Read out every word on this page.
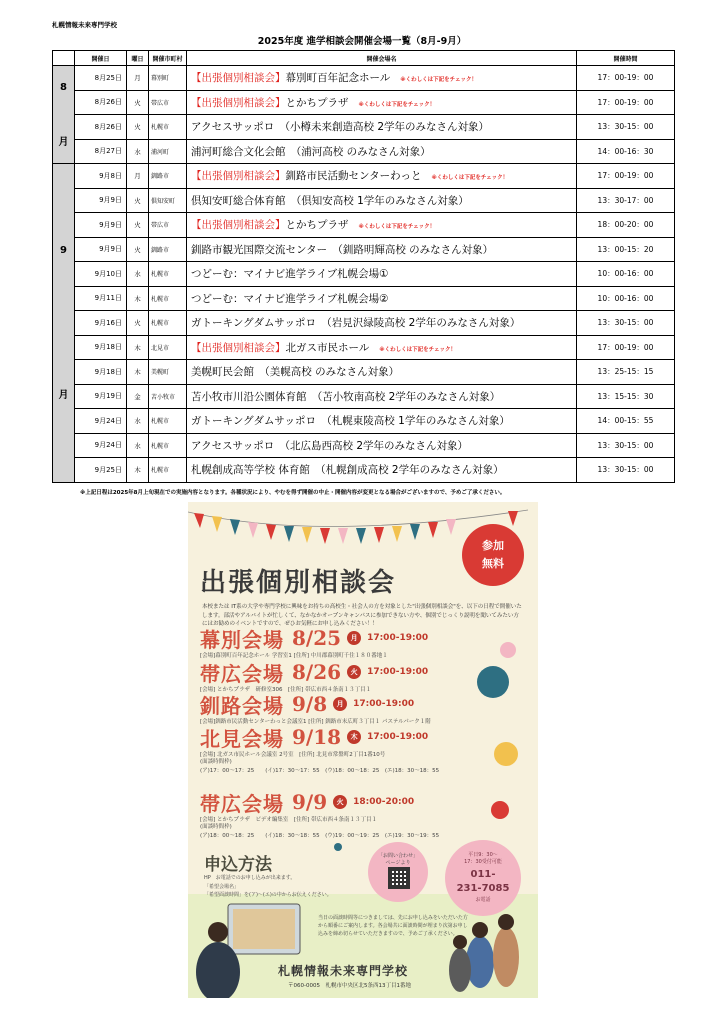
札幌情報未来専門学校
2025年度 進学相談会開催会場一覧（8月-9月）
	開催日	曜日	開催市町村	開催会場名	開催時間

8
月	8月25日	月	幕別町	【出張個別相談会】幕別町百年記念ホール ※くわしくは下記をチェック！	17：00-19：00
	8月26日	火	帯広市	【出張個別相談会】とかちプラザ ※くわしくは下記をチェック！	17：00-19：00
	8月26日	火	札幌市	アクセスサッポロ　（小樽未来創造高校 2学年のみなさん対象）	13：30-15：00
	8月27日	水	浦河町	浦河町総合文化会館　（浦河高校 のみなさん対象）	14：00-16：30

9
月	9月8日	月	釧路市	【出張個別相談会】釧路市民活動センターわっと ※くわしくは下記をチェック！	17：00-19：00
	9月9日	火	倶知安町	倶知安町総合体育館　（倶知安高校 1学年のみなさん対象）	13：30-17：00
	9月9日	火	帯広市	【出張個別相談会】とかちプラザ ※くわしくは下記をチェック！	18：00-20：00
	9月9日	火	釧路市	釧路市観光国際交流センター　（釧路明輝高校 のみなさん対象）	13：00-15：20
	9月10日	水	札幌市	つどーむ：マイナビ進学ライブ札幌会場①	10：00-16：00
	9月11日	木	札幌市	つどーむ：マイナビ進学ライブ札幌会場②	10：00-16：00
	9月16日	火	札幌市	ガトーキングダムサッポロ　（岩見沢緑陵高校 2学年のみなさん対象）	13：30-15：00
	9月18日	木	北見市	【出張個別相談会】北ガス市民ホール ※くわしくは下記をチェック！	17：00-19：00
	9月18日	木	美幌町	美幌町民会館　（美幌高校 のみなさん対象）	13：25-15：15
	9月19日	金	苫小牧市	苫小牧市川沿公園体育館　（苫小牧南高校 2学年のみなさん対象）	13：15-15：30
	9月24日	水	札幌市	ガトーキングダムサッポロ　（札幌東陵高校 1学年のみなさん対象）	14：00-15：55
	9月24日	水	札幌市	アクセスサッポロ　（北広島西高校 2学年のみなさん対象）	13：30-15：00
	9月25日	木	札幌市	札幌創成高等学校 体育館　（札幌創成高校 2学年のみなさん対象）	13：30-15：00
※上記日程は2025年8月上旬現在での実施内容となります。各種状況により、やむを得ず開催の中止・開催内容が変更となる場合がございますので、予めご了承ください。
参加
無料
出張個別相談会
本校または IT系の大学や専門学校に興味をお持ちの高校生・社会人の方を対象とした"出張個別相談会"を、以下の日程で開催いたします。部活やアルバイトが忙しくて、なかなかオープンキャンパスに参加できない方や、個別でじっくり説明を聞いてみたい方にはお勧めのイベントですので、ぜひお気軽にお申し込みください！！
幕別会場 8/25	月	17:00-19:00
[会場]幕別町百年記念ホール 学習室1 [住所] 中川郡幕別町千住１８０番地１
帯広会場 8/26	火	17:00-19:00
[会場] とかちプラザ　研修室306　[住所] 帯広市西４条南１３丁目１
釧路会場 9/8	月	17:00-19:00
[会場]釧路市民活動センターわっと会議室1 [住所] 釧路市末広町３丁目１ パステルパーク１階
北見会場 9/18	木	17:00-19:00
[会場] 北ガス市民ホール会議室 2号室　[住所] 北見市常盤町2丁目1番10号
(面談時間枠)
(ア)17：00～17：25　　(イ)17：30～17：55　(ウ)18：00～18：25　(エ)18：30～18：55
帯広会場 9/9	火	18:00-20:00
[会場] とかちプラザ　ビデオ編集室　[住所] 帯広市西４条南１３丁目１
(面談時間枠)
(ア)18：00～18：25　　(イ)18：30～18：55　(ウ)19：00～19：25　(エ)19：30～19：55
申込方法
HP　お電話でのお申し込みが出来ます。
「希望会場名」
「希望面談時間」を(ア)～(エ)の中からお伝えください。
「お問い合わせ」
ページより
平日9：30～
17：30受付可能
011-
231-7085
お電話
当日の面談時間等につきましては、先にお申し込みをいただいた方から順番にご案内します。各会場共に面談時間が埋まり次第お申し込みを締め切らせていただきますので、予めご了承ください。
札幌情報未来専門学校
〒060-0005　札幌市中央区北5条西13丁目1番地
